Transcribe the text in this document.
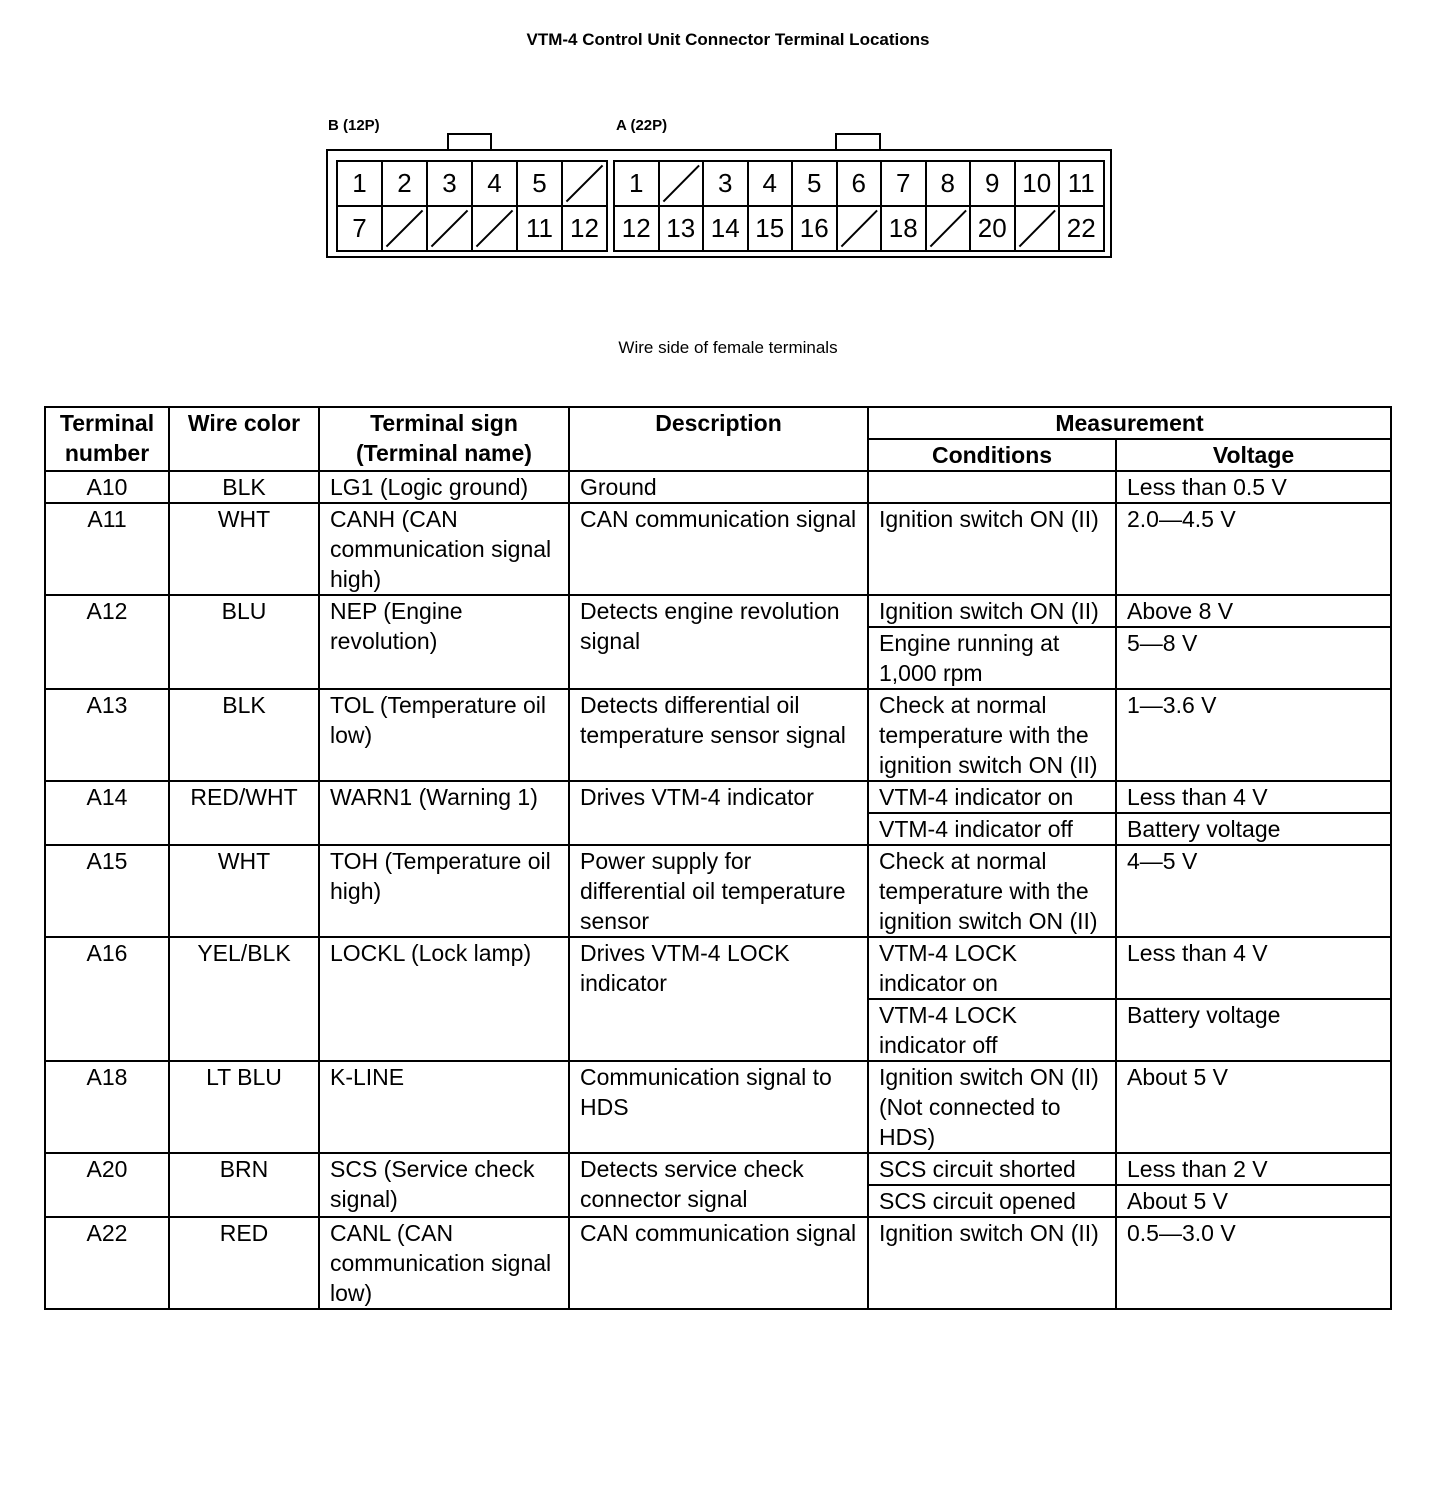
VTM-4 Control Unit Connector Terminal Locations
B (12P)	A (22P)
1	2	3	4	5
7	11 12
1	3	4	5	6	7	8	9 10 11
12 13 14 15 16	18	20	22
Wire side of female terminals
Terminal number	Wire color	Terminal sign (Terminal name)	Description	Measurement	
				Conditions	Voltage
A10	BLK	LG1 (Logic ground)	Ground		Less than 0.5 V
A11	WHT	CANH (CAN communication signal high)	CAN communication signal	Ignition switch ON (II)	2.0—4.5 V
A12	BLU	NEP (Engine revolution)	Detects engine revolution signal	Ignition switch ON (II)	Above 8 V
				Engine running at 1,000 rpm	5—8 V
A13	BLK	TOL (Temperature oil low)	Detects differential oil temperature sensor signal	Check at normal temperature with the ignition switch ON (II)	1—3.6 V
A14	RED/WHT	WARN1 (Warning 1)	Drives VTM-4 indicator	VTM-4 indicator on	Less than 4 V
				VTM-4 indicator off	Battery voltage
A15	WHT	TOH (Temperature oil high)	Power supply for differential oil temperature sensor	Check at normal temperature with the ignition switch ON (II)	4—5 V
A16	YEL/BLK	LOCKL (Lock lamp)	Drives VTM-4 LOCK indicator	VTM-4 LOCK indicator on	Less than 4 V
				VTM-4 LOCK indicator off	Battery voltage
A18	LT BLU	K-LINE	Communication signal to HDS	Ignition switch ON (II) (Not connected to HDS)	About 5 V
A20	BRN	SCS (Service check signal)	Detects service check connector signal	SCS circuit shorted	Less than 2 V
				SCS circuit opened	About 5 V
A22	RED	CANL (CAN communication signal low)	CAN communication signal	Ignition switch ON (II)	0.5—3.0 V
